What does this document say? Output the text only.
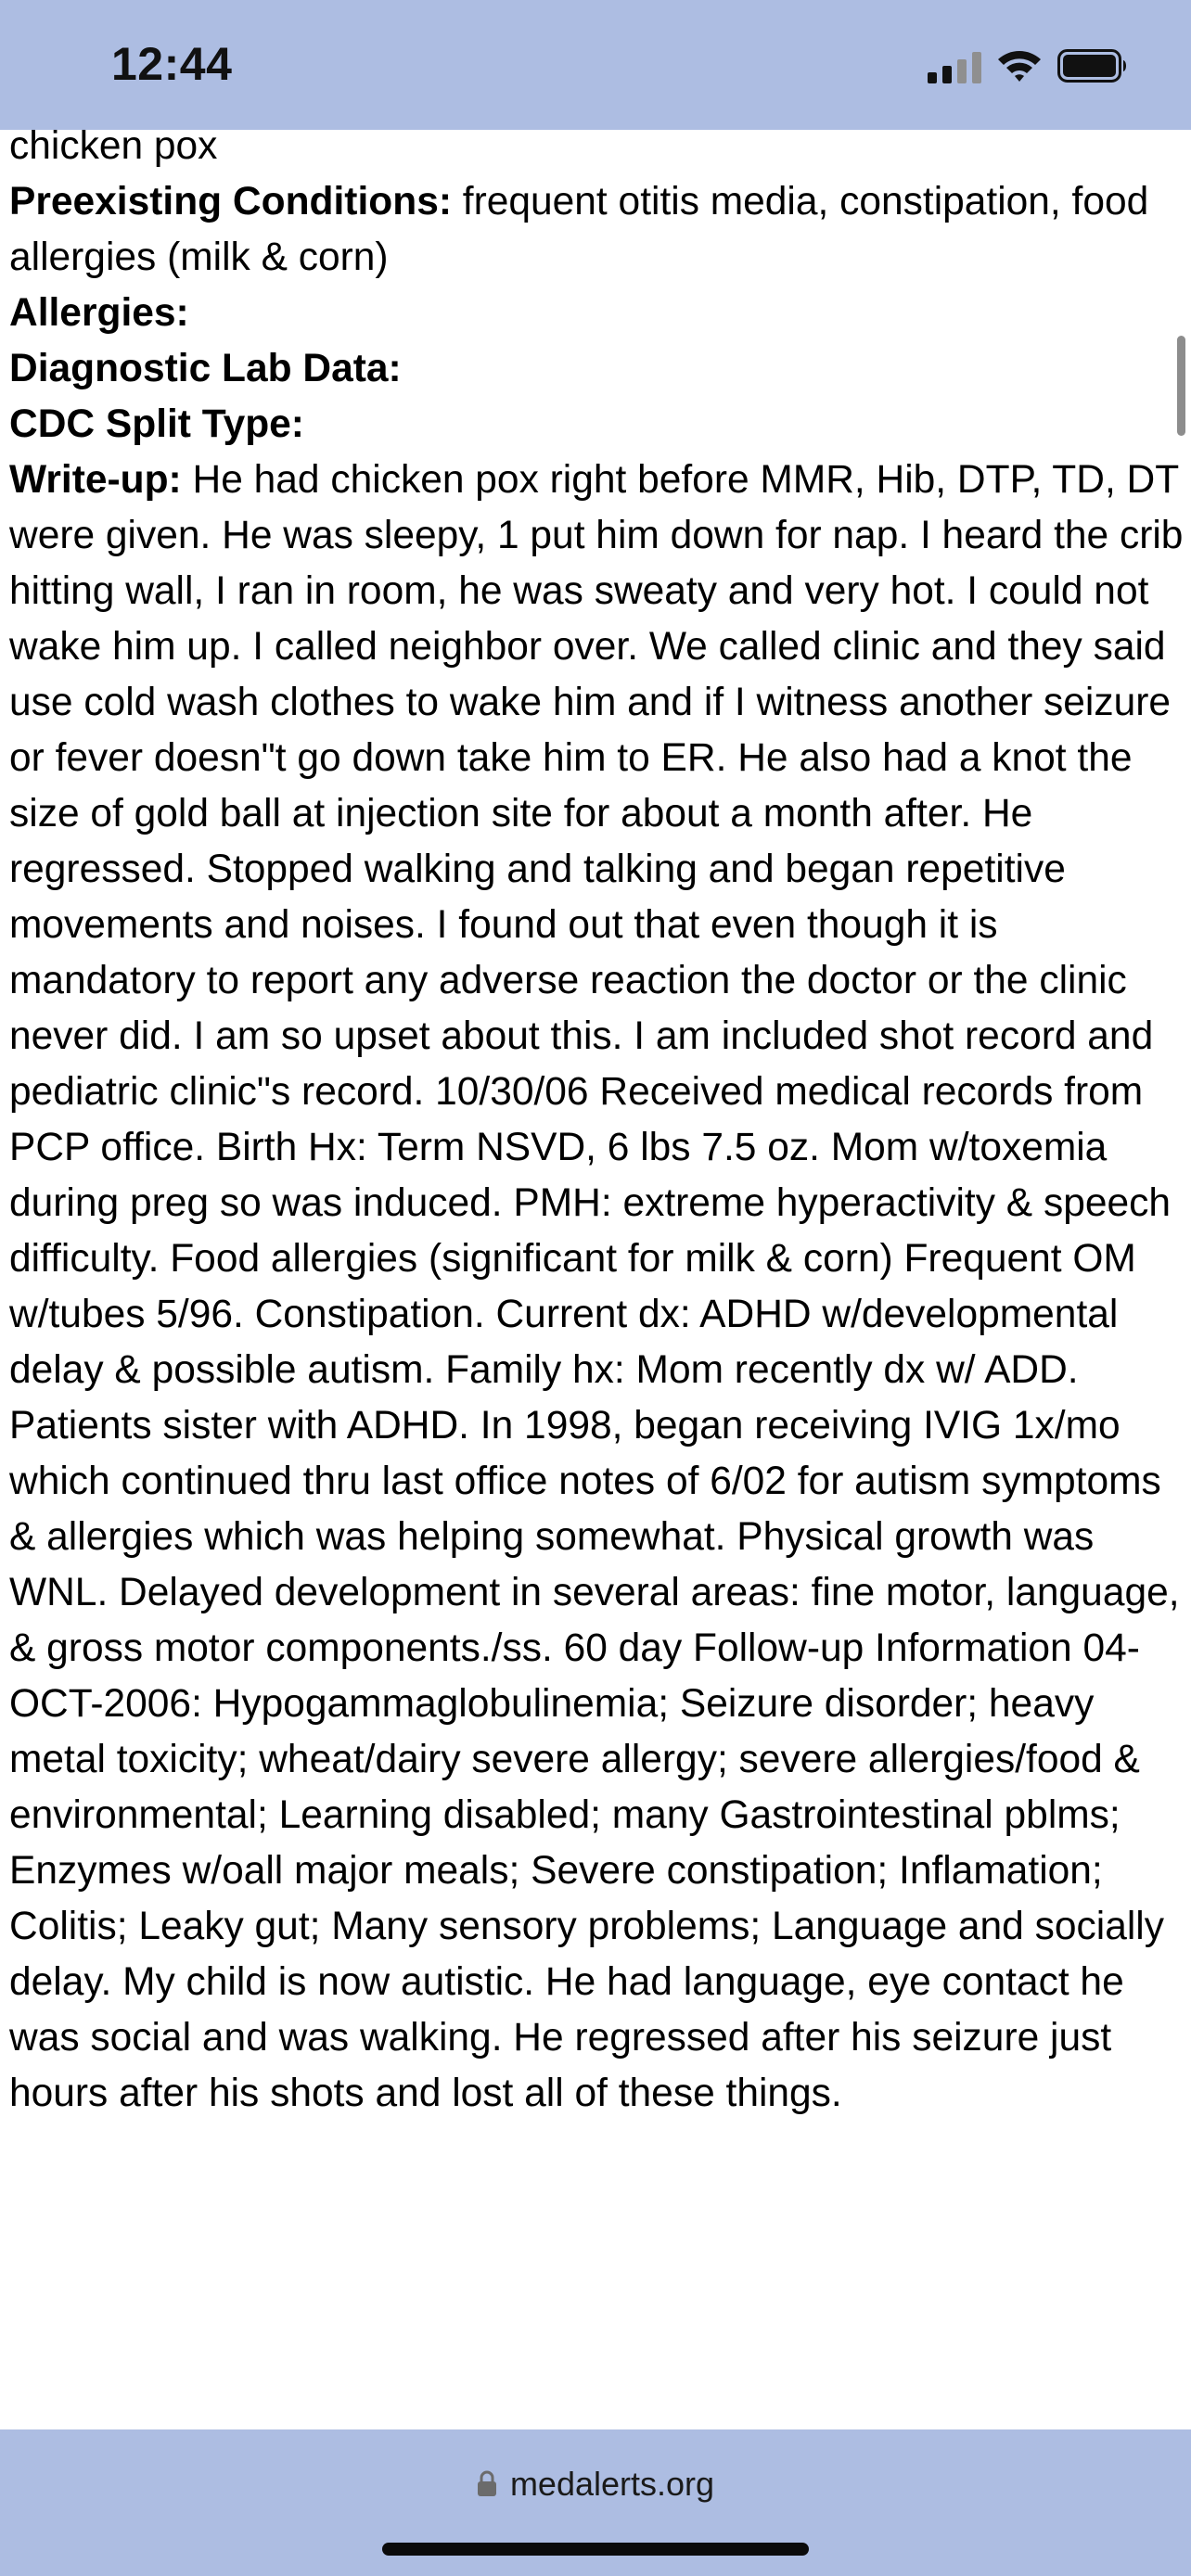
12:44

chicken pox

Preexisting Conditions: frequent otitis media, constipation, food allergies (milk & corn)

Allergies:

Diagnostic Lab Data:

CDC Split Type:

Write-up: He had chicken pox right before MMR, Hib, DTP, TD, DT were given. He was sleepy, 1 put him down for nap. I heard the crib hitting wall, I ran in room, he was sweaty and very hot. I could not wake him up. I called neighbor over. We called clinic and they said use cold wash clothes to wake him and if I witness another seizure or fever doesn"t go down take him to ER. He also had a knot the size of gold ball at injection site for about a month after. He regressed. Stopped walking and talking and began repetitive movements and noises. I found out that even though it is mandatory to report any adverse reaction the doctor or the clinic never did. I am so upset about this. I am included shot record and pediatric clinic"s record. 10/30/06 Received medical records from PCP office. Birth Hx: Term NSVD, 6 lbs 7.5 oz. Mom w/toxemia during preg so was induced. PMH: extreme hyperactivity & speech difficulty. Food allergies (significant for milk & corn) Frequent OM w/tubes 5/96. Constipation. Current dx: ADHD w/developmental delay & possible autism. Family hx: Mom recently dx w/ ADD. Patients sister with ADHD. In 1998, began receiving IVIG 1x/mo which continued thru last office notes of 6/02 for autism symptoms & allergies which was helping somewhat. Physical growth was WNL. Delayed development in several areas: fine motor, language, & gross motor components./ss. 60 day Follow-up Information 04-OCT-2006: Hypogammaglobulinemia; Seizure disorder; heavy metal toxicity; wheat/dairy severe allergy; severe allergies/food & environmental; Learning disabled; many Gastrointestinal pblms; Enzymes w/oall major meals; Severe constipation; Inflamation; Colitis; Leaky gut; Many sensory problems; Language and socially delay. My child is now autistic. He had language, eye contact he was social and was walking. He regressed after his seizure just hours after his shots and lost all of these things.

medalerts.org
